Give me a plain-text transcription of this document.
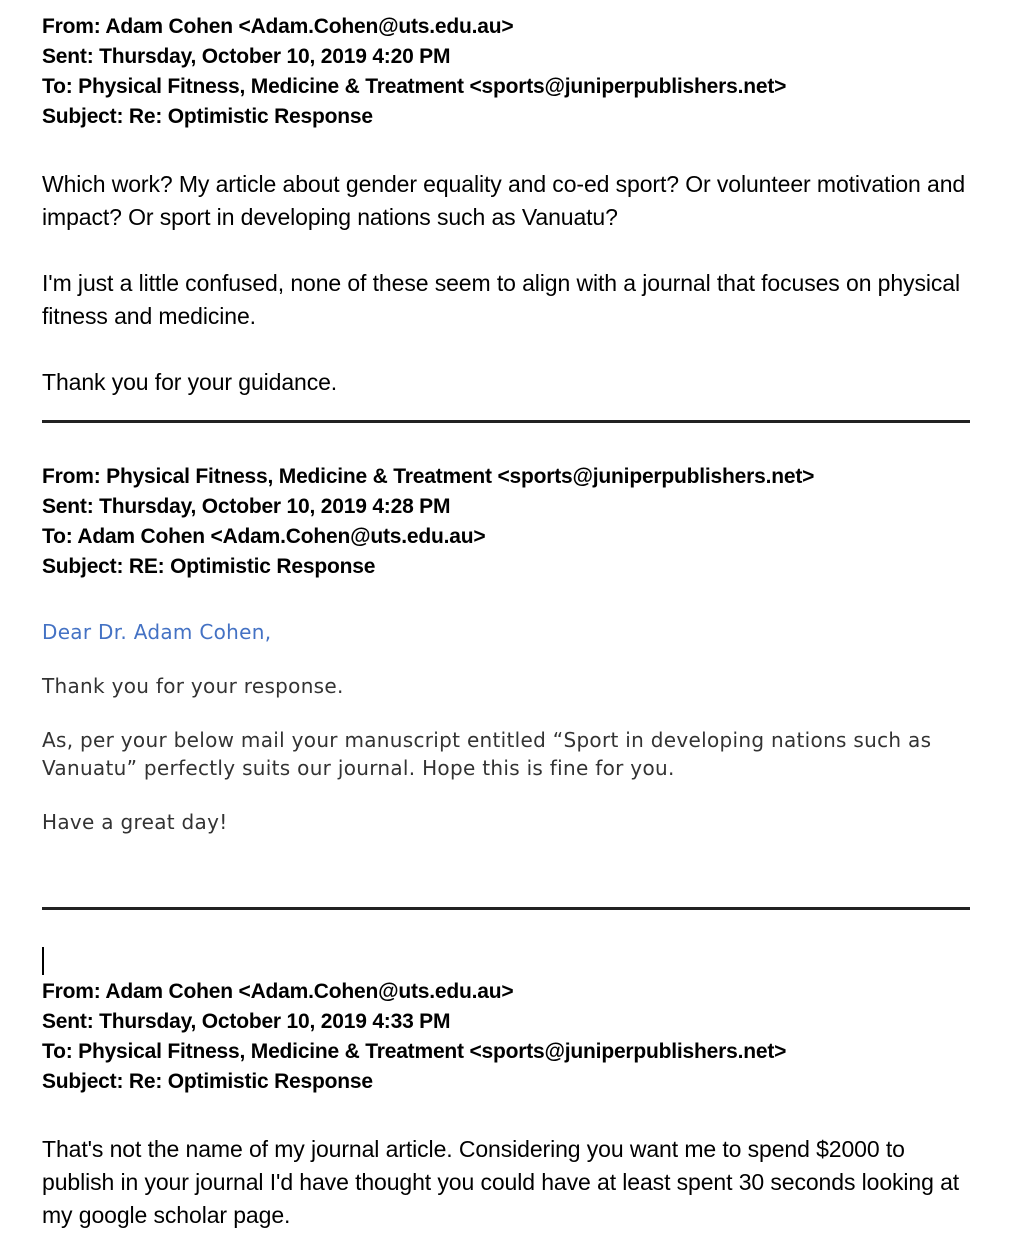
From: Adam Cohen <Adam.Cohen@uts.edu.au>
Sent: Thursday, October 10, 2019 4:20 PM
To: Physical Fitness, Medicine & Treatment <sports@juniperpublishers.net>
Subject: Re: Optimistic Response

Which work? My article about gender equality and co-ed sport? Or volunteer motivation and impact? Or sport in developing nations such as Vanuatu?

I'm just a little confused, none of these seem to align with a journal that focuses on physical fitness and medicine.

Thank you for your guidance.

From: Physical Fitness, Medicine & Treatment <sports@juniperpublishers.net>
Sent: Thursday, October 10, 2019 4:28 PM
To: Adam Cohen <Adam.Cohen@uts.edu.au>
Subject: RE: Optimistic Response

Dear Dr. Adam Cohen,

Thank you for your response.

As, per your below mail your manuscript entitled “Sport in developing nations such as Vanuatu” perfectly suits our journal. Hope this is fine for you.

Have a great day!

From: Adam Cohen <Adam.Cohen@uts.edu.au>
Sent: Thursday, October 10, 2019 4:33 PM
To: Physical Fitness, Medicine & Treatment <sports@juniperpublishers.net>
Subject: Re: Optimistic Response

That's not the name of my journal article. Considering you want me to spend $2000 to publish in your journal I'd have thought you could have at least spent 30 seconds looking at my google scholar page.
